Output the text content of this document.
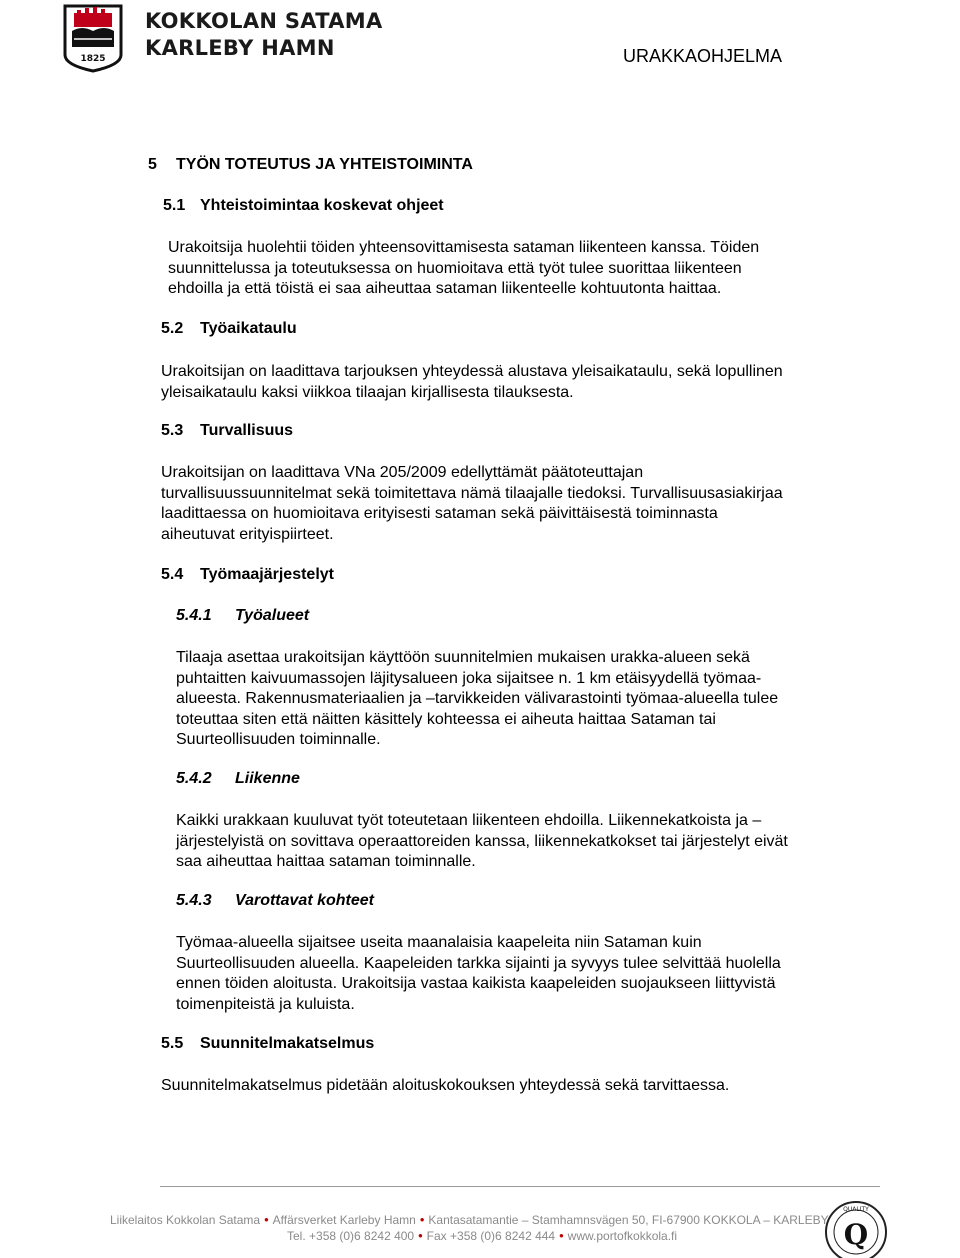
1825
KOKKOLAN SATAMA
KARLEBY HAMN	URAKKAOHJELMA
5 TYÖN TOTEUTUS JA YHTEISTOIMINTA
5.1 Yhteistoimintaa koskevat ohjeet
Urakoitsija huolehtii töiden yhteensovittamisesta sataman liikenteen kanssa. Töiden
suunnittelussa ja toteutuksessa on huomioitava että työt tulee suorittaa liikenteen
ehdoilla ja että töistä ei saa aiheuttaa sataman liikenteelle kohtuutonta haittaa.
5.2 Työaikataulu
Urakoitsijan on laadittava tarjouksen yhteydessä alustava yleisaikataulu, sekä lopullinen
yleisaikataulu kaksi viikkoa tilaajan kirjallisesta tilauksesta.
5.3 Turvallisuus
Urakoitsijan on laadittava VNa 205/2009 edellyttämät päätoteuttajan
turvallisuussuunnitelmat sekä toimitettava nämä tilaajalle tiedoksi. Turvallisuusasiakirjaa
laadittaessa on huomioitava erityisesti sataman sekä päivittäisestä toiminnasta
aiheutuvat erityispiirteet.
5.4 Työmaajärjestelyt
5.4.1 Työalueet
Tilaaja asettaa urakoitsijan käyttöön suunnitelmien mukaisen urakka-alueen sekä
puhtaitten kaivuumassojen läjitysalueen joka sijaitsee n. 1 km etäisyydellä työmaa-
alueesta. Rakennusmateriaalien ja –tarvikkeiden välivarastointi työmaa-alueella tulee
toteuttaa siten että näitten käsittely kohteessa ei aiheuta haittaa Sataman tai
Suurteollisuuden toiminnalle.
5.4.2 Liikenne
Kaikki urakkaan kuuluvat työt toteutetaan liikenteen ehdoilla. Liikennekatkoista ja –
järjestelyistä on sovittava operaattoreiden kanssa, liikennekatkokset tai järjestelyt eivät
saa aiheuttaa haittaa sataman toiminnalle.
5.4.3 Varottavat kohteet
Työmaa-alueella sijaitsee useita maanalaisia kaapeleita niin Sataman kuin
Suurteollisuuden alueella. Kaapeleiden tarkka sijainti ja syvyys tulee selvittää huolella
ennen töiden aloitusta. Urakoitsija vastaa kaikista kaapeleiden suojaukseen liittyvistä
toimenpiteistä ja kuluista.
5.5 Suunnitelmakatselmus
Suunnitelmakatselmus pidetään aloituskokouksen yhteydessä sekä tarvittaessa.
Liikelaitos Kokkolan Satama • Affärsverket Karleby Hamn • Kantasatamantie – Stamhamnsvägen 50, FI-67900 KOKKOLA – KARLEBY
Tel. +358 (0)6 8242 400 • Fax +358 (0)6 8242 444 • www.portofkokkola.fi
QUALITY
Q
